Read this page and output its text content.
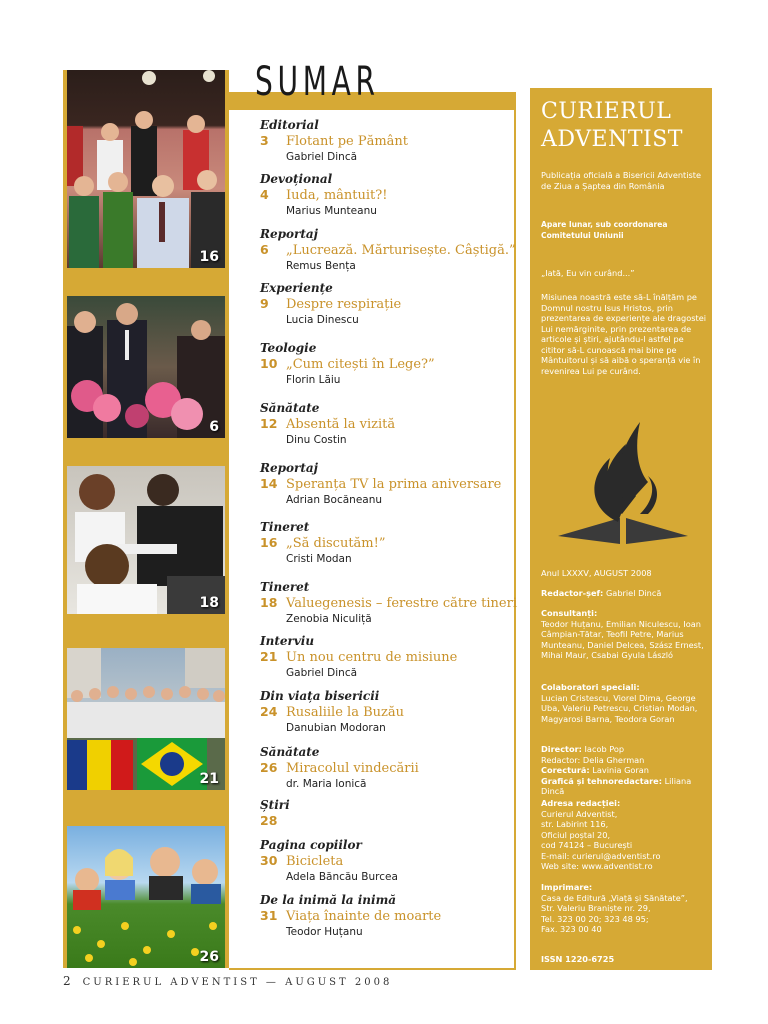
16
6
18
21
26
SUMAR
Editorial
3 Flotant pe Pământ
Gabriel Dincă
Devoțional
4 Iuda, mântuit?!
Marius Munteanu
Reportaj
6 „Lucrează. Mărturisește. Câștigă.”
Remus Bența
Experiențe
9 Despre respirație
Lucia Dinescu
Teologie
10 „Cum citești în Lege?”
Florin Lăiu
Sănătate
12 Absentă la vizită
Dinu Costin
Reportaj
14 Speranța TV la prima aniversare
Adrian Bocăneanu
Tineret
16 „Să discutăm!”
Cristi Modan
Tineret
18 Valuegenesis – ferestre către tineri
Zenobia Niculiță
Interviu
21 Un nou centru de misiune
Gabriel Dincă
Din viața bisericii
24 Rusaliile la Buzău
Danubian Modoran
Sănătate
26 Miracolul vindecării
dr. Maria Ionică
Știri
28
Pagina copiilor
30 Bicicleta
Adela Băncău Burcea
De la inimă la inimă
31 Viața înainte de moarte
Teodor Huțanu
CURIERUL
ADVENTIST
Publicația oficială a Bisericii Adventiste de Ziua a Șaptea din România
Apare lunar, sub coordonarea Comitetului Uniunii
„Iată, Eu vin curând...”
Misiunea noastră este să-L înălțăm pe Domnul nostru Isus Hristos, prin prezentarea de experiențe ale dragostei Lui nemărginite, prin prezentarea de articole și știri, ajutându-l astfel pe cititor să-L cunoască mai bine pe Mântuitorul și să aibă o speranță vie în revenirea Lui pe curând.
Anul LXXXV, AUGUST 2008
Redactor-șef: Gabriel Dincă
Consultanți:
Teodor Huțanu, Emilian Niculescu, Ioan Câmpian-Tătar, Teofil Petre, Marius Munteanu, Daniel Delcea, Szász Ernest, Mihai Maur, Csabai Gyula László
Colaboratori speciali:
Lucian Cristescu, Viorel Dima, George Uba, Valeriu Petrescu, Cristian Modan, Magyarosi Barna, Teodora Goran
Director: Iacob Pop
Redactor: Delia Gherman
Corectură: Lavinia Goran
Grafică și tehnoredactare: Liliana Dincă
Adresa redacției:
Curierul Adventist,
str. Labirint 116,
Oficiul poștal 20,
cod 74124 – București
E-mail: curierul@adventist.ro
Web site: www.adventist.ro
Imprimare:
Casa de Editură „Viață și Sănătate”,
Str. Valeriu Braniște nr. 29,
Tel. 323 00 20; 323 48 95;
Fax. 323 00 40
ISSN 1220-6725
2 CURIERUL ADVENTIST — AUGUST 2008
